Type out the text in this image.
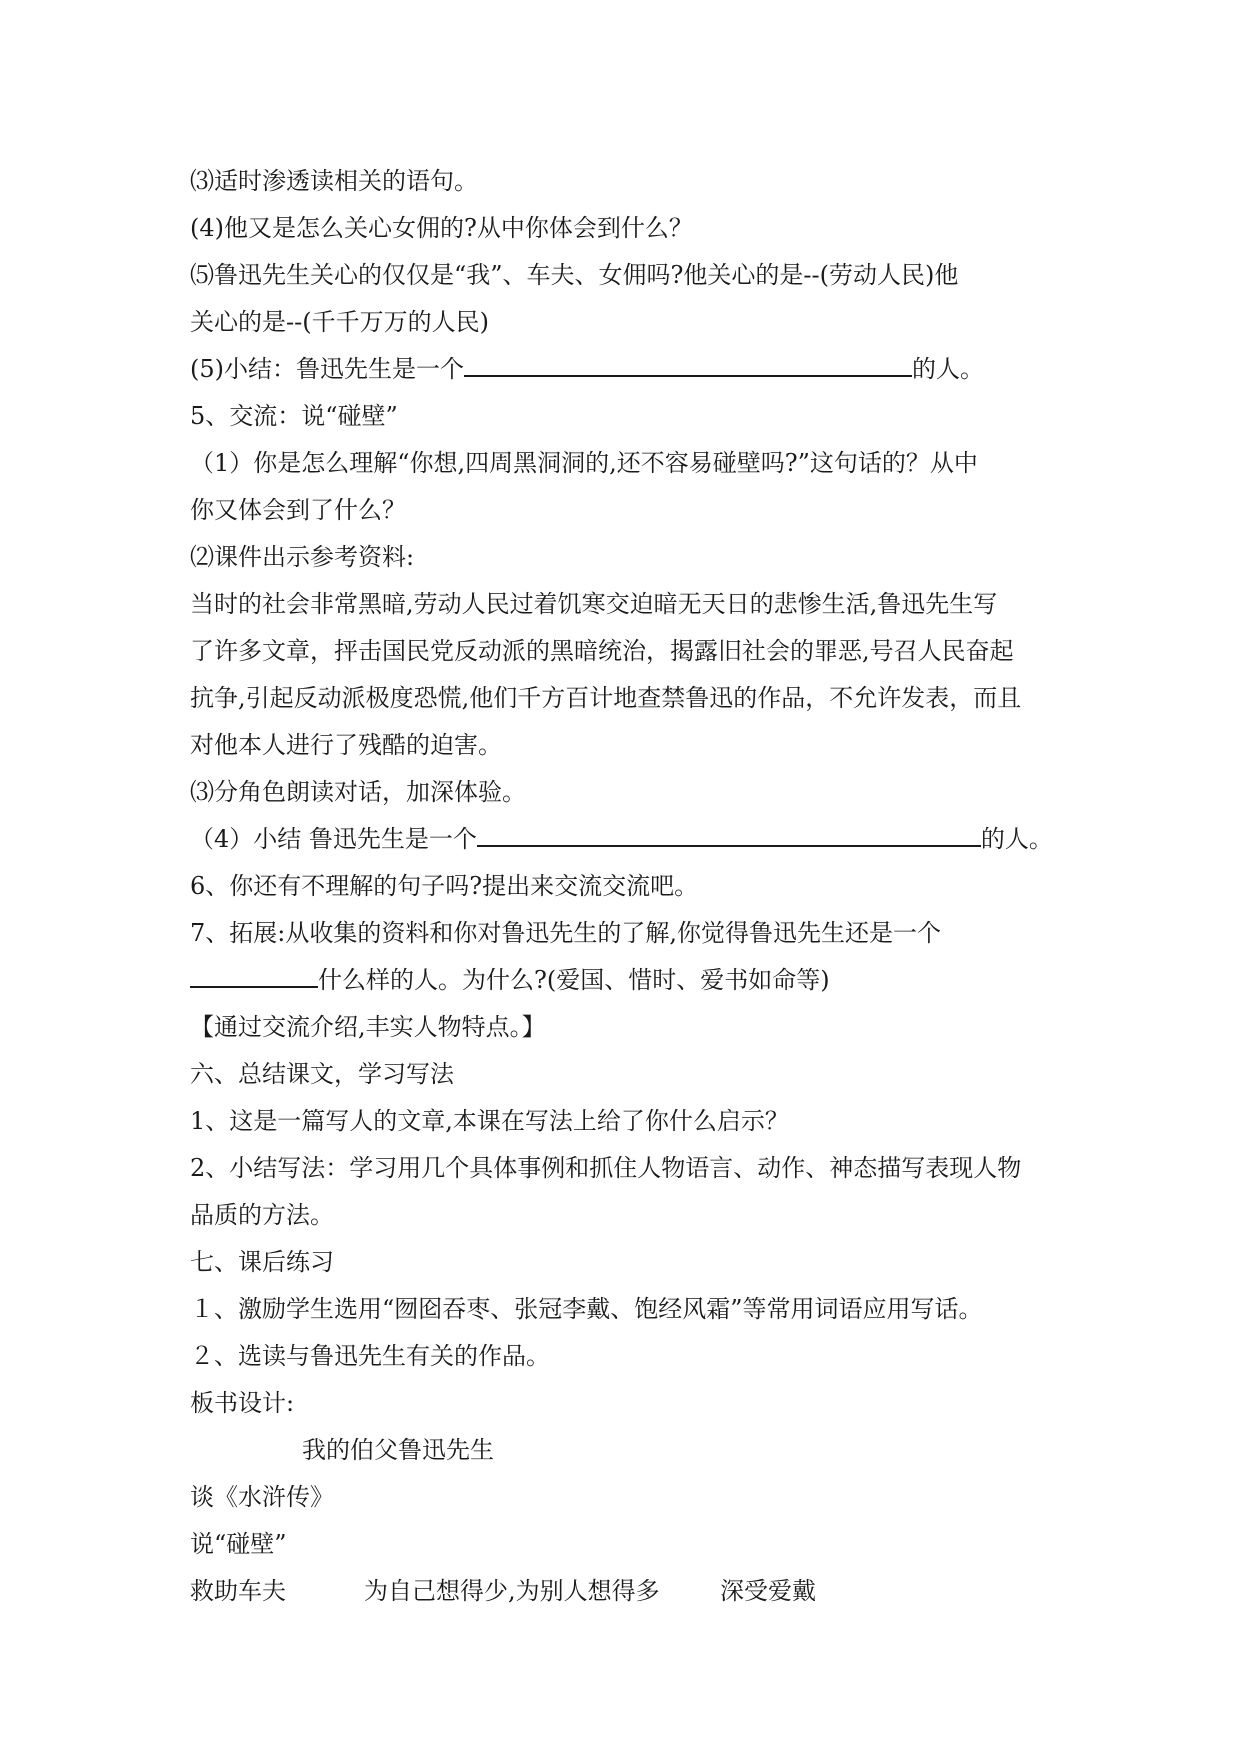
⑶适时渗透读相关的语句。
(4)他又是怎么关心女佣的?从中你体会到什么？
⑸鲁迅先生关心的仅仅是“我”、车夫、女佣吗?他关心的是--(劳动人民)他
关心的是--(千千万万的人民)
(5)小结：鲁迅先生是一个	的人。
5、交流：说“碰壁”
（1）你是怎么理解“你想,四周黑洞洞的,还不容易碰壁吗?”这句话的？从中
你又体会到了什么？
⑵课件出示参考资料:
当时的社会非常黑暗,劳动人民过着饥寒交迫暗无天日的悲惨生活,鲁迅先生写
了许多文章，抨击国民党反动派的黑暗统治，揭露旧社会的罪恶,号召人民奋起
抗争,引起反动派极度恐慌,他们千方百计地查禁鲁迅的作品，不允许发表，而且
对他本人进行了残酷的迫害。
⑶分角色朗读对话，加深体验。
（4）小结 鲁迅先生是一个	的人。
6、你还有不理解的句子吗?提出来交流交流吧。
7、拓展:从收集的资料和你对鲁迅先生的了解,你觉得鲁迅先生还是一个
什么样的人。为什么?(爱国、惜时、爱书如命等)
【通过交流介绍,丰实人物特点。】
六、总结课文，学习写法
1、这是一篇写人的文章,本课在写法上给了你什么启示？
2、小结写法：学习用几个具体事例和抓住人物语言、动作、神态描写表现人物
品质的方法。
七、课后练习
１、激励学生选用“囫囵吞枣、张冠李戴、饱经风霜”等常用词语应用写话。
２、选读与鲁迅先生有关的作品。
板书设计:
我的伯父鲁迅先生
谈《水浒传》
说“碰壁”
救助车夫	为自己想得少,为别人想得多	深受爱戴
